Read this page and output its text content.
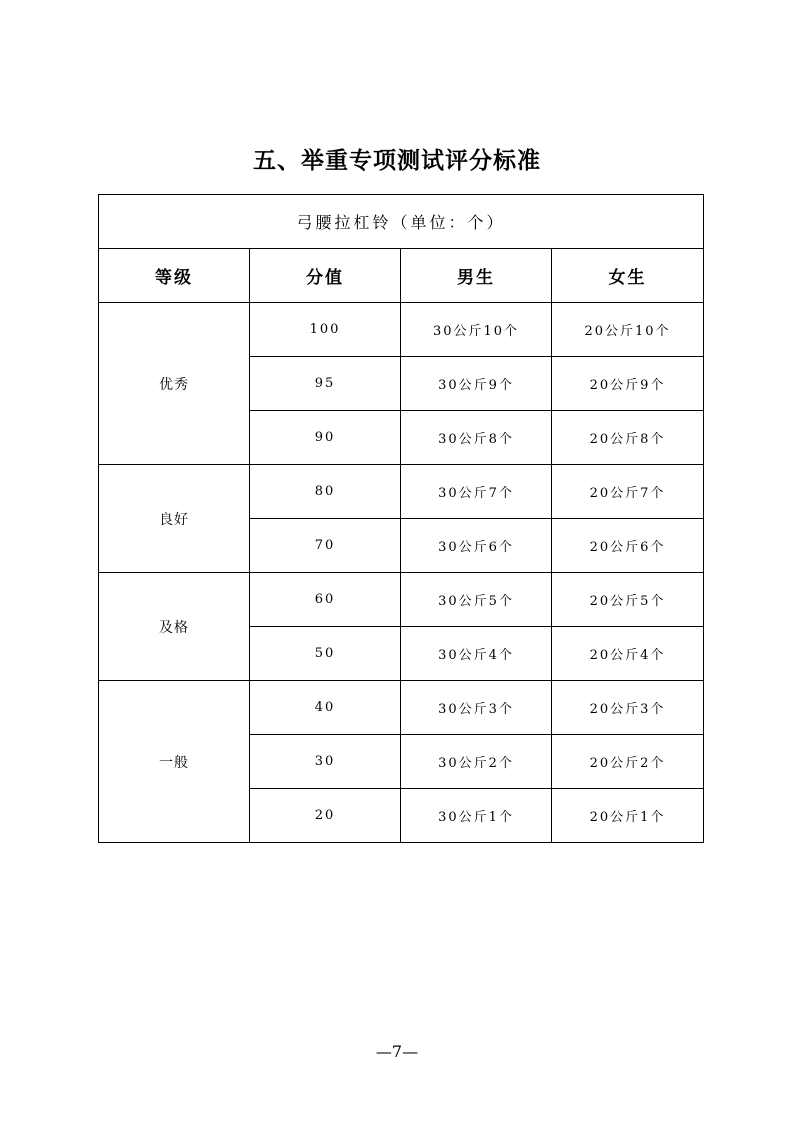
五、举重专项测试评分标准
弓腰拉杠铃（单位：个）			
等级	分值	男生	女生
优秀	100	30公斤10个	20公斤10个
	95	30公斤9个	20公斤9个
	90	30公斤8个	20公斤8个
良好	80	30公斤7个	20公斤7个
	70	30公斤6个	20公斤6个
及格	60	30公斤5个	20公斤5个
	50	30公斤4个	20公斤4个
一般	40	30公斤3个	20公斤3个
	30	30公斤2个	20公斤2个
	20	30公斤1个	20公斤1个
—7—
